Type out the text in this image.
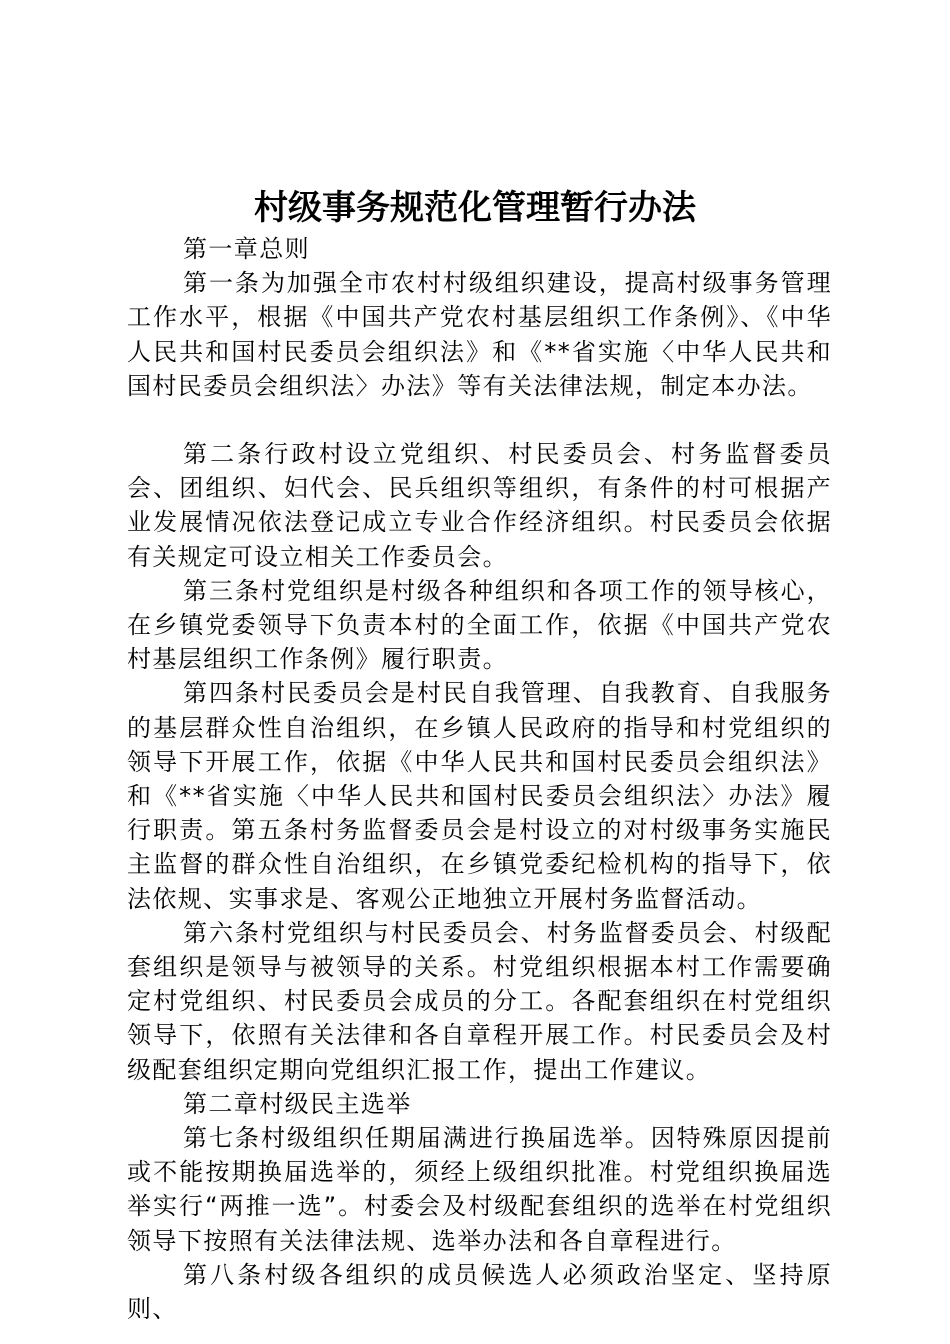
村级事务规范化管理暂行办法

第一章总则

第一条为加强全市农村村级组织建设，提高村级事务管理工作水平，根据《中国共产党农村基层组织工作条例》、《中华人民共和国村民委员会组织法》和《**省实施〈中华人民共和国村民委员会组织法〉办法》等有关法律法规，制定本办法。

第二条行政村设立党组织、村民委员会、村务监督委员会、团组织、妇代会、民兵组织等组织，有条件的村可根据产业发展情况依法登记成立专业合作经济组织。村民委员会依据有关规定可设立相关工作委员会。

第三条村党组织是村级各种组织和各项工作的领导核心，在乡镇党委领导下负责本村的全面工作，依据《中国共产党农村基层组织工作条例》履行职责。

第四条村民委员会是村民自我管理、自我教育、自我服务的基层群众性自治组织，在乡镇人民政府的指导和村党组织的领导下开展工作，依据《中华人民共和国村民委员会组织法》和《**省实施〈中华人民共和国村民委员会组织法〉办法》履行职责。第五条村务监督委员会是村设立的对村级事务实施民主监督的群众性自治组织，在乡镇党委纪检机构的指导下，依法依规、实事求是、客观公正地独立开展村务监督活动。

第六条村党组织与村民委员会、村务监督委员会、村级配套组织是领导与被领导的关系。村党组织根据本村工作需要确定村党组织、村民委员会成员的分工。各配套组织在村党组织领导下，依照有关法律和各自章程开展工作。村民委员会及村级配套组织定期向党组织汇报工作，提出工作建议。

第二章村级民主选举

第七条村级组织任期届满进行换届选举。因特殊原因提前或不能按期换届选举的，须经上级组织批准。村党组织换届选举实行“两推一选”。村委会及村级配套组织的选举在村党组织领导下按照有关法律法规、选举办法和各自章程进行。

第八条村级各组织的成员候选人必须政治坚定、坚持原则、
